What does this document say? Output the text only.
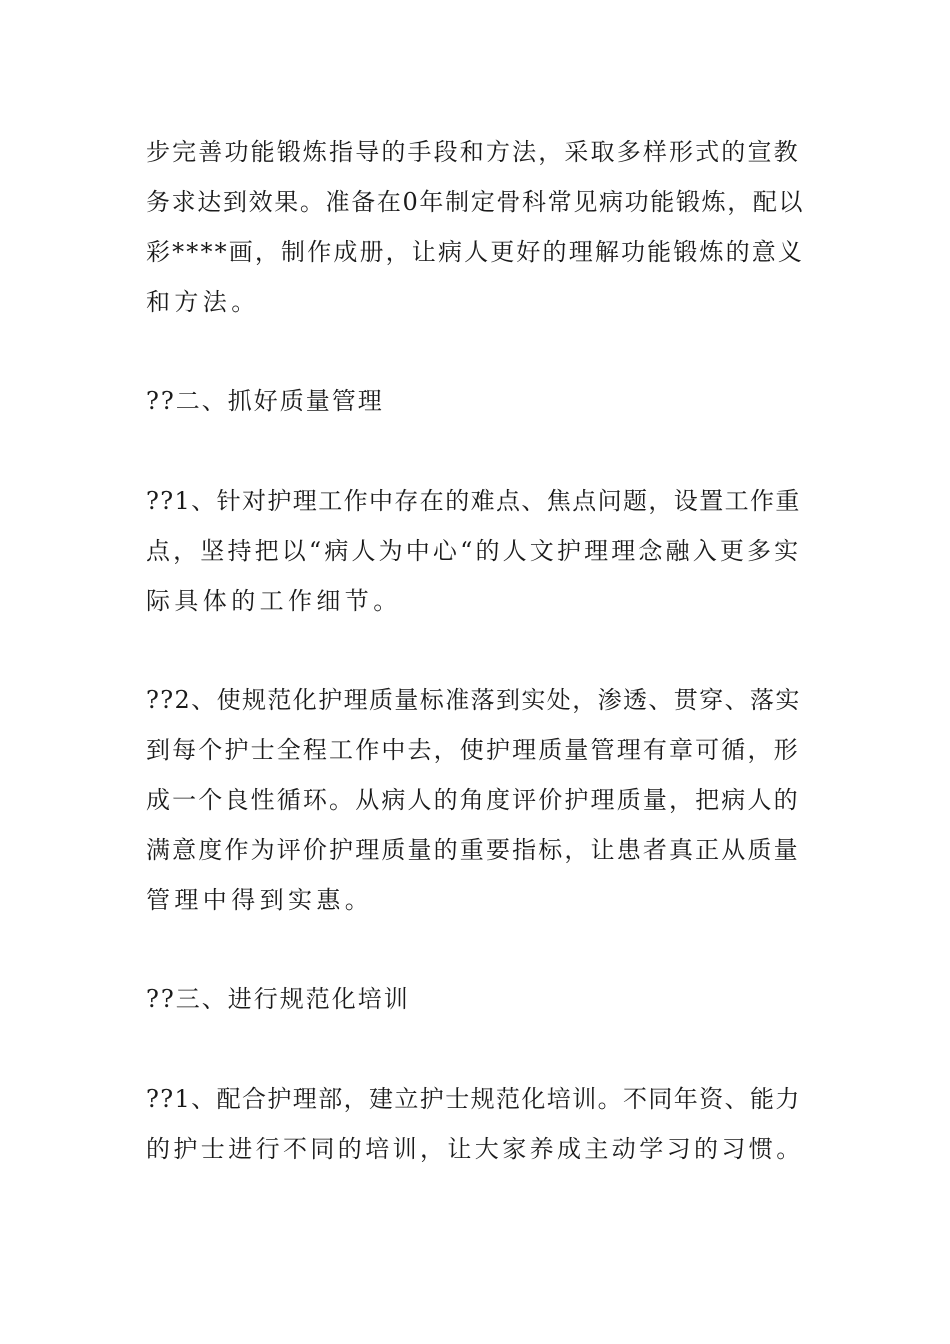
步完善功能锻炼指导的手段和方法，采取多样形式的宣教
务求达到效果。准备在0年制定骨科常见病功能锻炼，配以
彩****画，制作成册，让病人更好的理解功能锻炼的意义
和方法。
??二、抓好质量管理
??1、针对护理工作中存在的难点、焦点问题，设置工作重
点，坚持把以“病人为中心“的人文护理理念融入更多实
际具体的工作细节。
??2、使规范化护理质量标准落到实处，渗透、贯穿、落实
到每个护士全程工作中去，使护理质量管理有章可循，形
成一个良性循环。从病人的角度评价护理质量，把病人的
满意度作为评价护理质量的重要指标，让患者真正从质量
管理中得到实惠。
??三、进行规范化培训
??1、配合护理部，建立护士规范化培训。不同年资、能力
的护士进行不同的培训，让大家养成主动学习的习惯。
